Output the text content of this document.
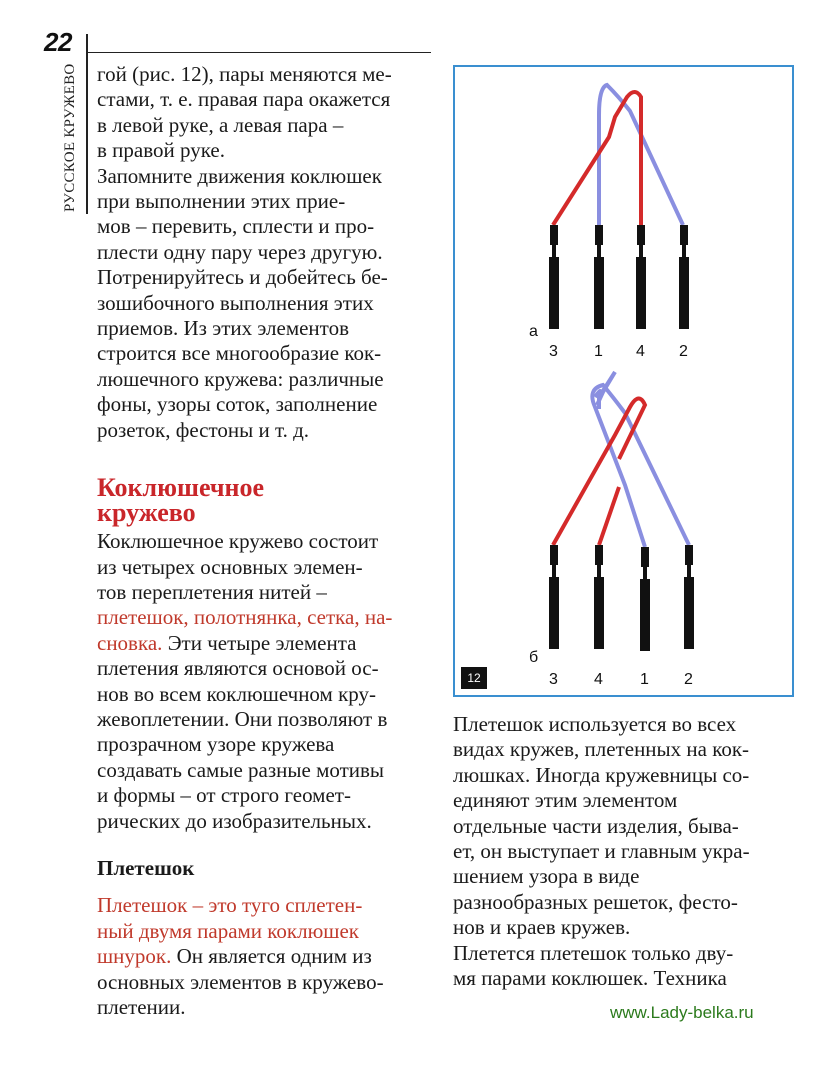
22
РУССКОЕ КРУЖЕВО гой (рис. 12), пары меняются ме-
стами, т. е. правая пара окажется
в левой руке, а левая пара –
в правой руке.
Запомните движения коклюшек
при выполнении этих прие-
мов – перевить, сплести и про-
плести одну пару через другую.
Потренируйтесь и добейтесь бе-
зошибочного выполнения этих
приемов. Из этих элементов
строится все многообразие кок-
люшечного кружева: различные
фоны, узоры соток, заполнение
розеток, фестоны и т. д.
Коклюшечное
кружево
Коклюшечное кружево состоит
из четырех основных элемен-
тов переплетения нитей –
плетешок, полотнянка, сетка, на-
сновка. Эти четыре элемента
плетения являются основой ос-
нов во всем коклюшечном кру-
жевоплетении. Они позволяют в
прозрачном узоре кружева
создавать самые разные мотивы
и формы – от строго геомет-
рических до изобразительных.
Плетешок
Плетешок – это туго сплетен-
ный двумя парами коклюшек
шнурок. Он является одним из
основных элементов в кружево-
плетении.
а
3 1 4 2
б
3 4 1 2
12
Плетешок используется во всех
видах кружев, плетенных на кок-
люшках. Иногда кружевницы со-
единяют этим элементом
отдельные части изделия, быва-
ет, он выступает и главным укра-
шением узора в виде
разнообразных решеток, фесто-
нов и краев кружев.
Плетется плетешок только дву-
мя парами коклюшек. Техника
www.Lady-belka.ru
